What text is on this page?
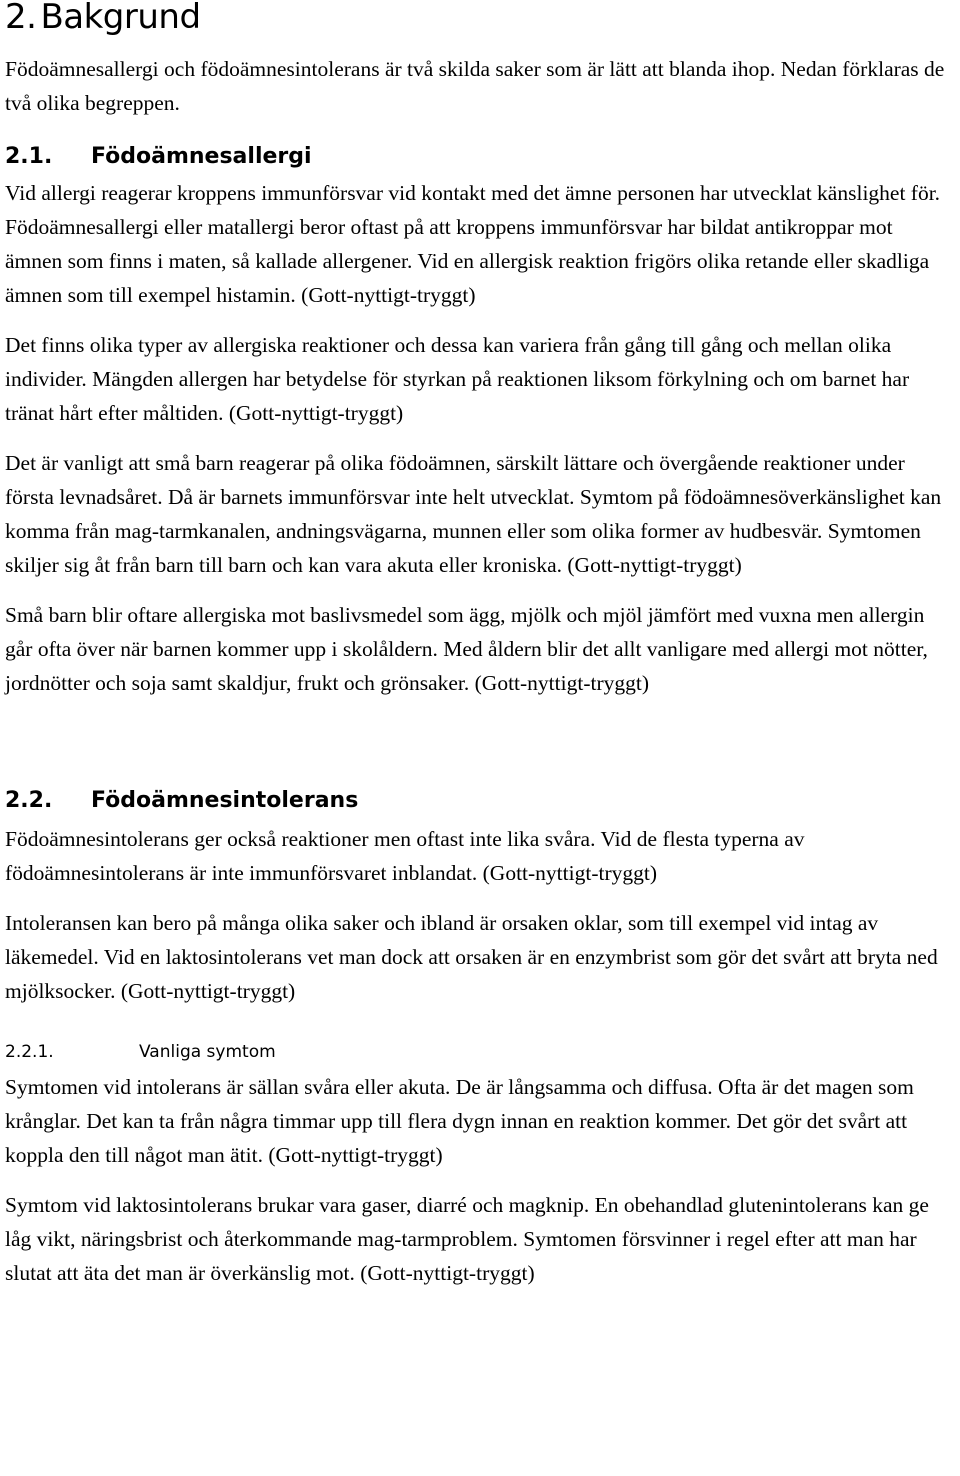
2. Bakgrund

Födoämnesallergi och födoämnesintolerans är två skilda saker som är lätt att blanda ihop. Nedan förklaras de två olika begreppen.

2.1. Födoämnesallergi

Vid allergi reagerar kroppens immunförsvar vid kontakt med det ämne personen har utvecklat känslighet för. Födoämnesallergi eller matallergi beror oftast på att kroppens immunförsvar har bildat antikroppar mot ämnen som finns i maten, så kallade allergener. Vid en allergisk reaktion frigörs olika retande eller skadliga ämnen som till exempel histamin. (Gott-nyttigt-tryggt)

Det finns olika typer av allergiska reaktioner och dessa kan variera från gång till gång och mellan olika individer. Mängden allergen har betydelse för styrkan på reaktionen liksom förkylning och om barnet har tränat hårt efter måltiden. (Gott-nyttigt-tryggt)

Det är vanligt att små barn reagerar på olika födoämnen, särskilt lättare och övergående reaktioner under första levnadsåret. Då är barnets immunförsvar inte helt utvecklat. Symtom på födoämnesöverkänslighet kan komma från mag-tarmkanalen, andningsvägarna, munnen eller som olika former av hudbesvär. Symtomen skiljer sig åt från barn till barn och kan vara akuta eller kroniska. (Gott-nyttigt-tryggt)

Små barn blir oftare allergiska mot baslivsmedel som ägg, mjölk och mjöl jämfört med vuxna men allergin går ofta över när barnen kommer upp i skolåldern. Med åldern blir det allt vanligare med allergi mot nötter, jordnötter och soja samt skaldjur, frukt och grönsaker. (Gott-nyttigt-tryggt)

2.2. Födoämnesintolerans

Födoämnesintolerans ger också reaktioner men oftast inte lika svåra. Vid de flesta typerna av födoämnesintolerans är inte immunförsvaret inblandat. (Gott-nyttigt-tryggt)

Intoleransen kan bero på många olika saker och ibland är orsaken oklar, som till exempel vid intag av läkemedel. Vid en laktosintolerans vet man dock att orsaken är en enzymbrist som gör det svårt att bryta ned mjölksocker. (Gott-nyttigt-tryggt)

2.2.1.	Vanliga symtom

Symtomen vid intolerans är sällan svåra eller akuta. De är långsamma och diffusa. Ofta är det magen som krånglar. Det kan ta från några timmar upp till flera dygn innan en reaktion kommer. Det gör det svårt att koppla den till något man ätit. (Gott-nyttigt-tryggt)

Symtom vid laktosintolerans brukar vara gaser, diarré och magknip. En obehandlad glutenintolerans kan ge låg vikt, näringsbrist och återkommande mag-tarmproblem. Symtomen försvinner i regel efter att man har slutat att äta det man är överkänslig mot. (Gott-nyttigt-tryggt)
